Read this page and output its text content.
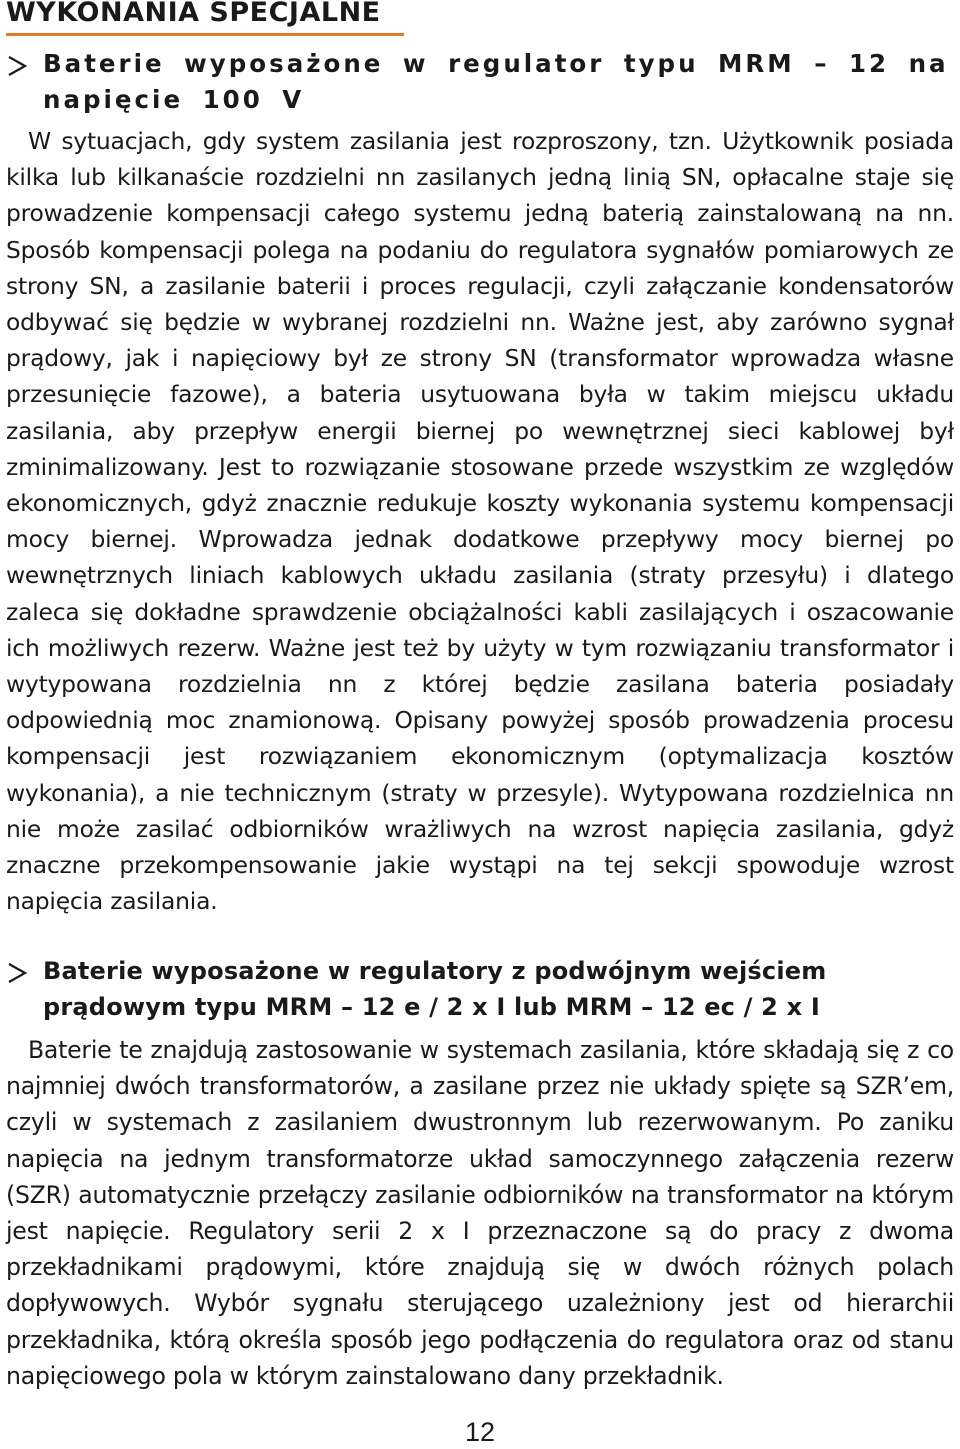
WYKONANIA SPECJALNE
Baterie wyposażone w regulator typu MRM – 12 na napięcie 100 V

W sytuacjach, gdy system zasilania jest rozproszony, tzn. Użytkownik posiada kilka lub kilkanaście rozdzielni nn zasilanych jedną linią SN, opłacalne staje się prowadzenie kompensacji całego systemu jedną baterią zainstalowaną na nn. Sposób kompensacji polega na podaniu do regulatora sygnałów pomiarowych ze strony SN, a zasilanie baterii i proces regulacji, czyli załączanie kondensatorów odbywać się będzie w wybranej rozdzielni nn. Ważne jest, aby zarówno sygnał prądowy, jak i napięciowy był ze strony SN (transformator wprowadza własne przesunięcie fazowe), a bateria usytuowana była w takim miejscu układu zasilania, aby przepływ energii biernej po wewnętrznej sieci kablowej był zminimalizowany. Jest to rozwiązanie stosowane przede wszystkim ze względów ekonomicznych, gdyż znacznie redukuje koszty wykonania systemu kompensacji mocy biernej. Wprowadza jednak dodatkowe przepływy mocy biernej po wewnętrznych liniach kablowych układu zasilania (straty przesyłu) i dlatego zaleca się dokładne sprawdzenie obciążalności kabli zasilających i oszacowanie ich możliwych rezerw. Ważne jest też by użyty w tym rozwiązaniu transformator i wytypowana rozdzielnia nn z której będzie zasilana bateria posiadały odpowiednią moc znamionową. Opisany powyżej sposób prowadzenia procesu kompensacji jest rozwiązaniem ekonomicznym (optymalizacja kosztów wykonania), a nie technicznym (straty w przesyle). Wytypowana rozdzielnica nn nie może zasilać odbiorników wrażliwych na wzrost napięcia zasilania, gdyż znaczne przekompensowanie jakie wystąpi na tej sekcji spowoduje wzrost napięcia zasilania.

Baterie wyposażone w regulatory z podwójnym wejściem prądowym typu MRM – 12 e / 2 x I lub MRM – 12 ec / 2 x I

Baterie te znajdują zastosowanie w systemach zasilania, które składają się z co najmniej dwóch transformatorów, a zasilane przez nie układy spięte są SZR’em, czyli w systemach z zasilaniem dwustronnym lub rezerwowanym. Po zaniku napięcia na jednym transformatorze układ samoczynnego załączenia rezerw (SZR) automatycznie przełączy zasilanie odbiorników na transformator na którym jest napięcie. Regulatory serii 2 x I przeznaczone są do pracy z dwoma przekładnikami prądowymi, które znajdują się w dwóch różnych polach dopływowych. Wybór sygnału sterującego uzależniony jest od hierarchii przekładnika, którą określa sposób jego podłączenia do regulatora oraz od stanu napięciowego pola w którym zainstalowano dany przekładnik.

12
